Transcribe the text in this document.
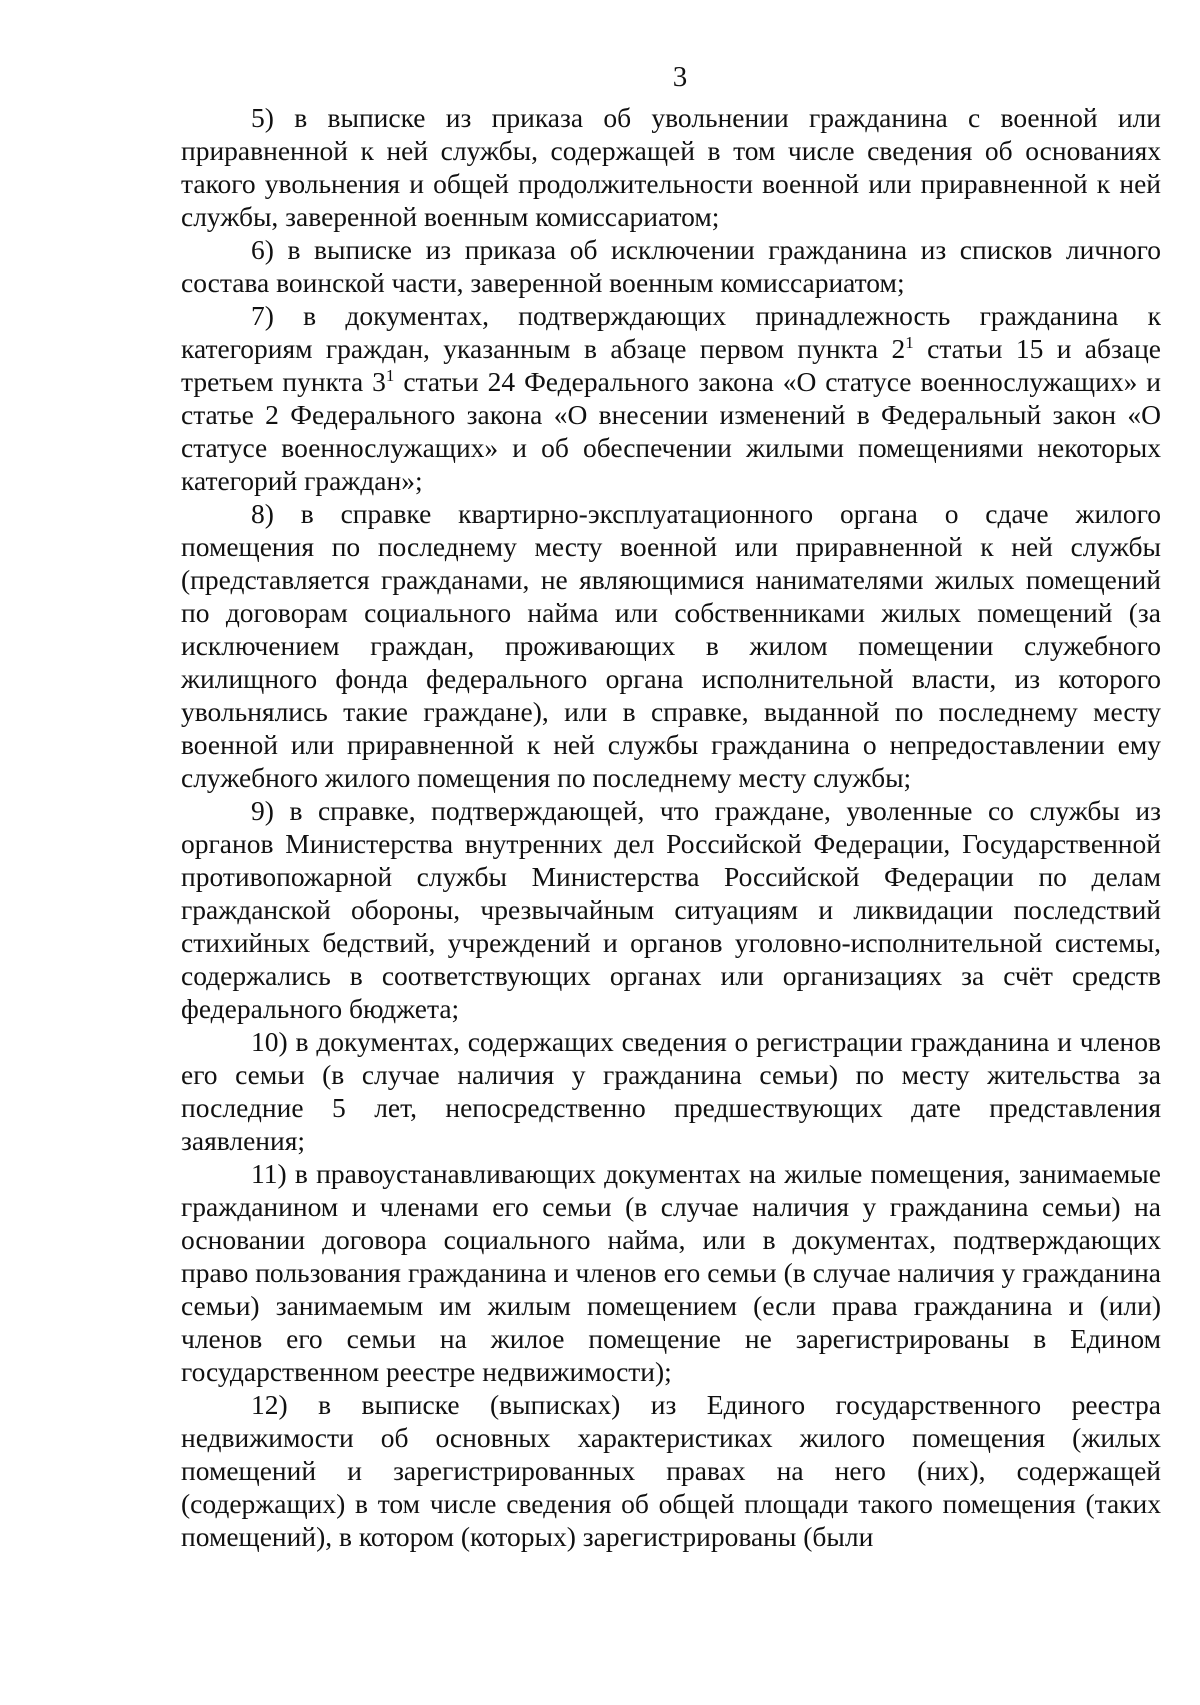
3

5) в выписке из приказа об увольнении гражданина с военной или приравненной к ней службы, содержащей в том числе сведения об основаниях такого увольнения и общей продолжительности военной или приравненной к ней службы, заверенной военным комиссариатом;

6) в выписке из приказа об исключении гражданина из списков личного состава воинской части, заверенной военным комиссариатом;

7) в документах, подтверждающих принадлежность гражданина к категориям граждан, указанным в абзаце первом пункта $2^1$ статьи 15 и абзаце третьем пункта $3^1$ статьи 24 Федерального закона «О статусе военнослужащих» и статье 2 Федерального закона «О внесении изменений в Федеральный закон «О статусе военнослужащих» и об обеспечении жилыми помещениями некоторых категорий граждан»;

8) в справке квартирно-эксплуатационного органа о сдаче жилого помещения по последнему месту военной или приравненной к ней службы (представляется гражданами, не являющимися нанимателями жилых помещений по договорам социального найма или собственниками жилых помещений (за исключением граждан, проживающих в жилом помещении служебного жилищного фонда федерального органа исполнительной власти, из которого увольнялись такие граждане), или в справке, выданной по последнему месту военной или приравненной к ней службы гражданина о непредоставлении ему служебного жилого помещения по последнему месту службы;

9) в справке, подтверждающей, что граждане, уволенные со службы из органов Министерства внутренних дел Российской Федерации, Государственной противопожарной службы Министерства Российской Федерации по делам гражданской обороны, чрезвычайным ситуациям и ликвидации последствий стихийных бедствий, учреждений и органов уголовно-исполнительной системы, содержались в соответствующих органах или организациях за счёт средств федерального бюджета;

10) в документах, содержащих сведения о регистрации гражданина и членов его семьи (в случае наличия у гражданина семьи) по месту жительства за последние 5 лет, непосредственно предшествующих дате представления заявления;

11) в правоустанавливающих документах на жилые помещения, занимаемые гражданином и членами его семьи (в случае наличия у гражданина семьи) на основании договора социального найма, или в документах, подтверждающих право пользования гражданина и членов его семьи (в случае наличия у гражданина семьи) занимаемым им жилым помещением (если права гражданина и (или) членов его семьи на жилое помещение не зарегистрированы в Едином государственном реестре недвижимости);

12) в выписке (выписках) из Единого государственного реестра недвижимости об основных характеристиках жилого помещения (жилых помещений и зарегистрированных правах на него (них), содержащей (содержащих) в том числе сведения об общей площади такого помещения (таких помещений), в котором (которых) зарегистрированы (были
